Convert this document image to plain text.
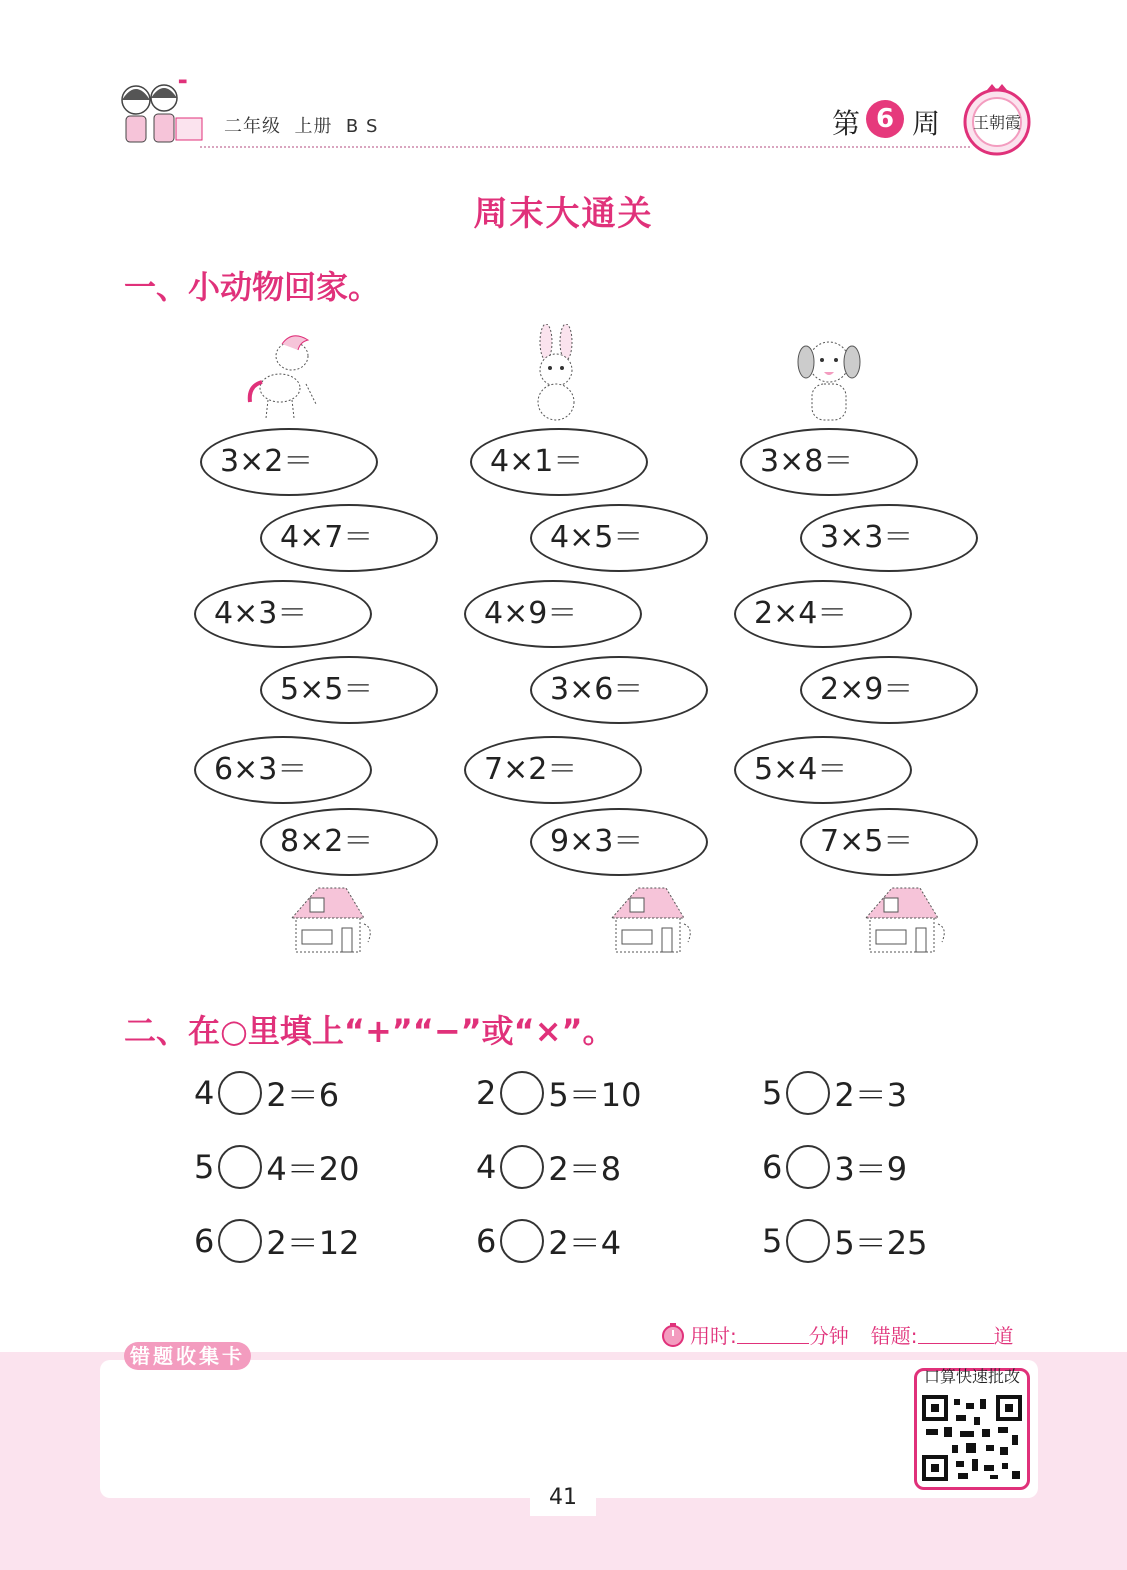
▬
二年级  上册  B S	第 6 周 王朝霞
周末大通关
一、小动物回家。
3×2＝
4×7＝
4×3＝
5×5＝
6×3＝
8×2＝
4×1＝
4×5＝
4×9＝
3×6＝
7×2＝
9×3＝
3×8＝
3×3＝
2×4＝
2×9＝
5×4＝
7×5＝
二、在○里填上“+”“−”或“×”。
4 2＝6	2 5＝10	5 2＝3
5 4＝20	4 2＝8	6 3＝9
6 2＝12	6 2＝4	5 5＝25
用时:	分钟 错题:	道
错题收集卡
口算快速批改
41
